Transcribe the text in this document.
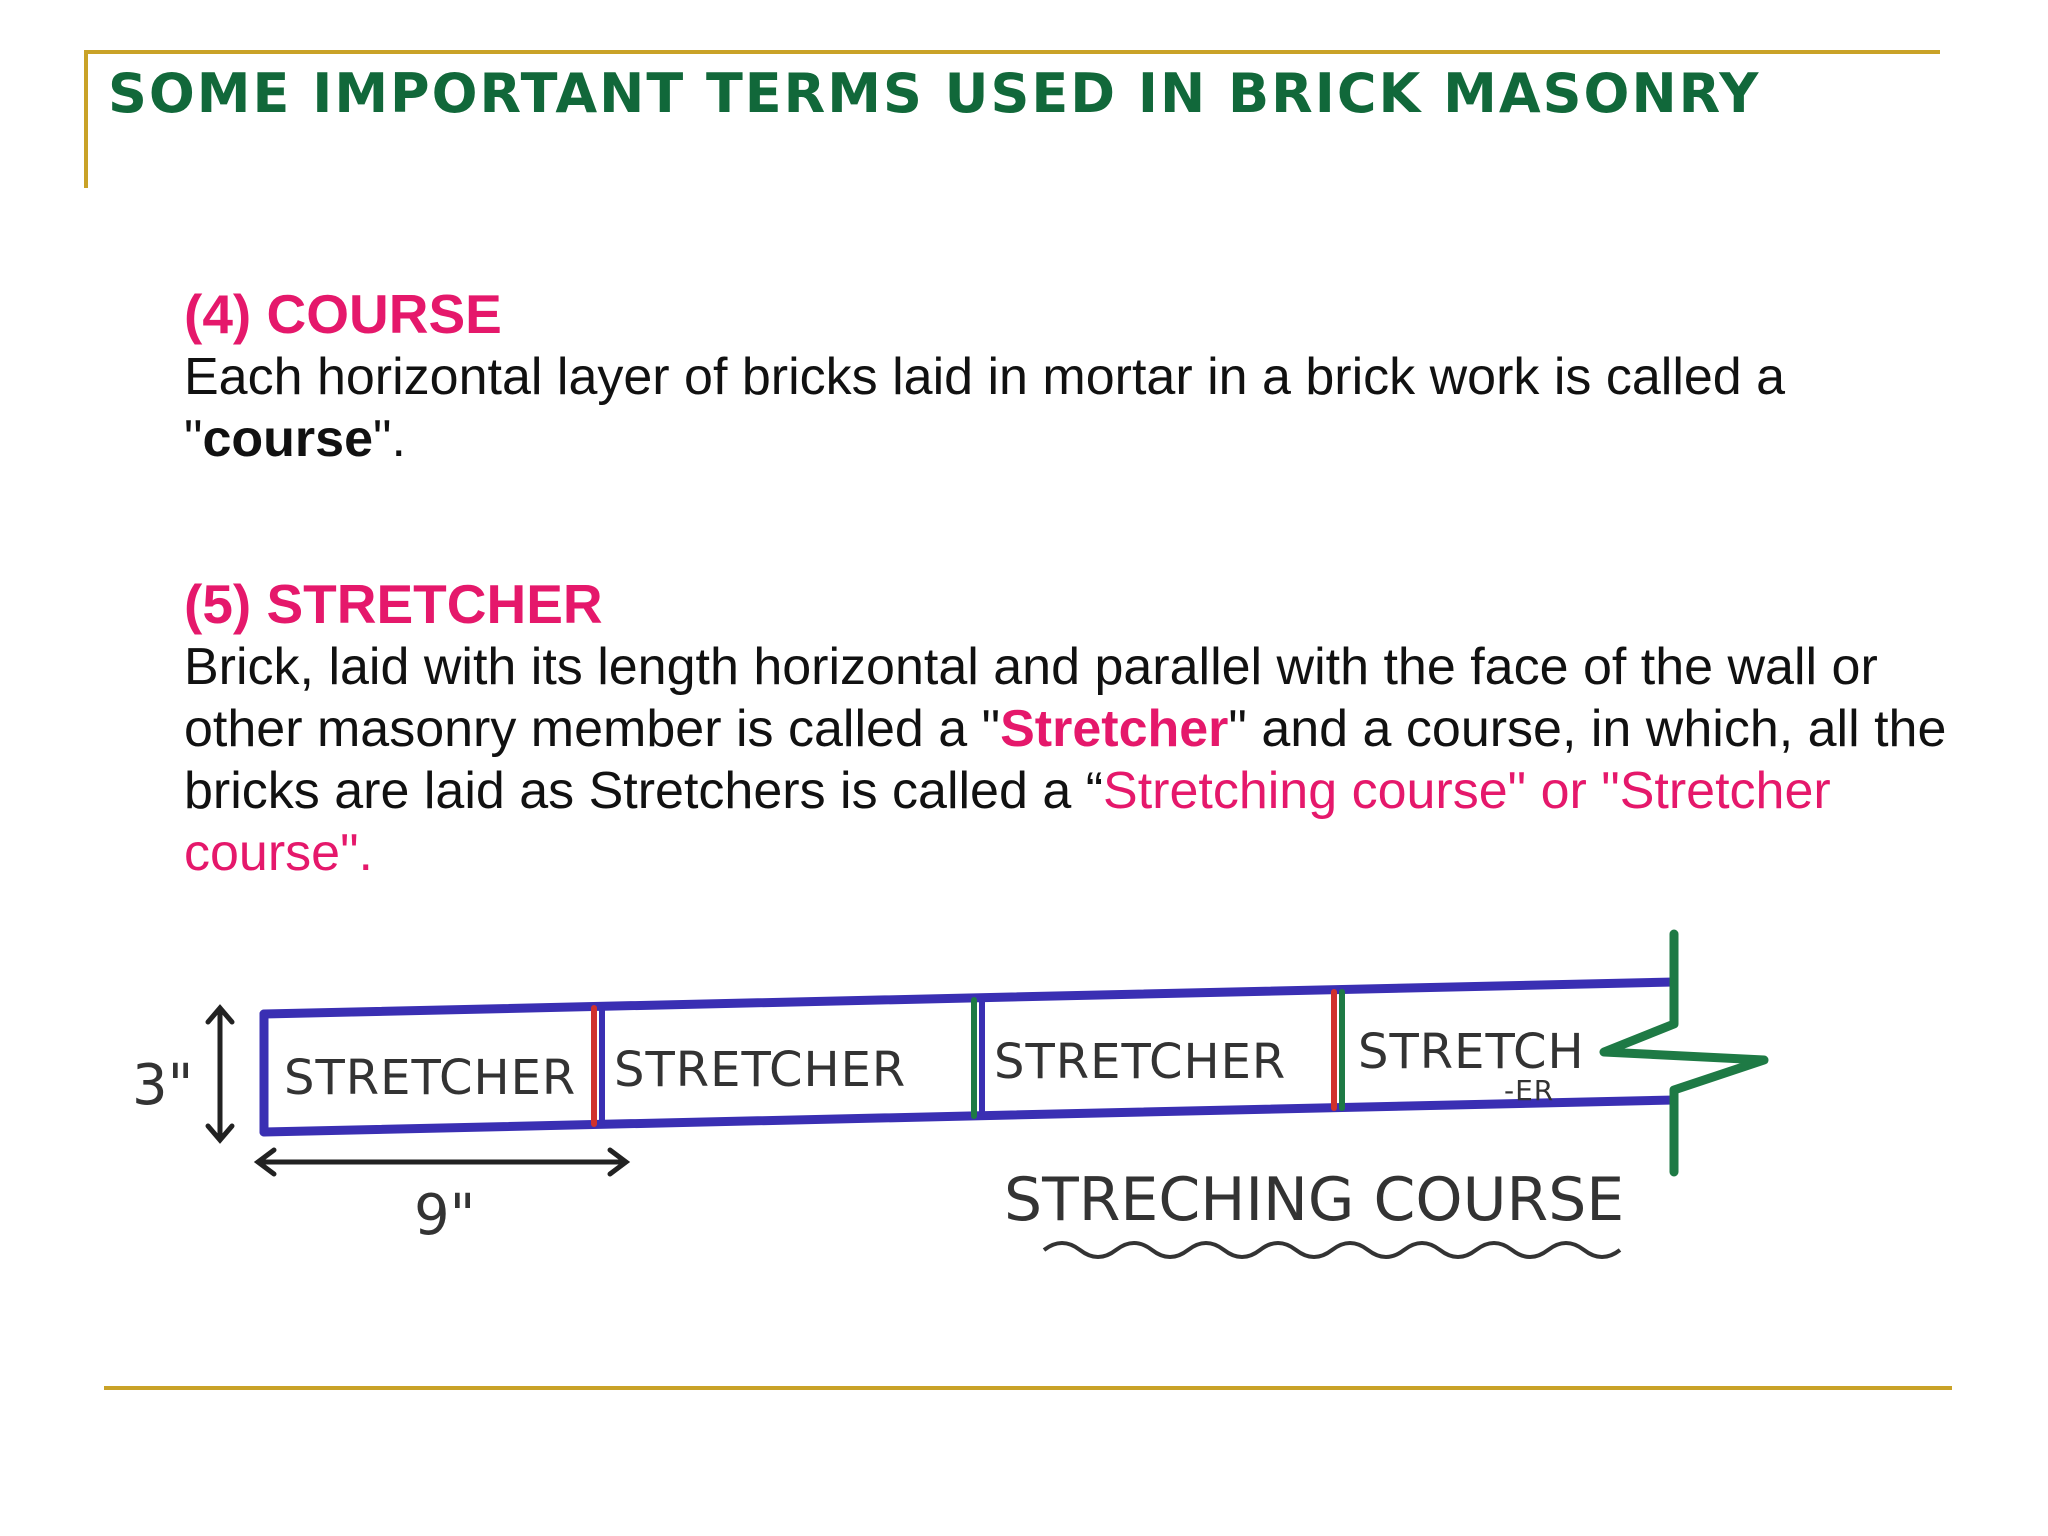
SOME IMPORTANT TERMS USED IN BRICK MASONRY

(4) COURSE

Each horizontal layer of bricks laid in mortar in a brick work is called a "course".

(5) STRETCHER

Brick, laid with its length horizontal and parallel with the face of the wall or other masonry member is called a "Stretcher" and a course, in which, all the bricks are laid as Stretchers is called a “Stretching course" or "Stretcher course".

STRETCHER STRETCHER STRETCHER STRETCH
-ER
3"
9"	STRECHING COURSE
